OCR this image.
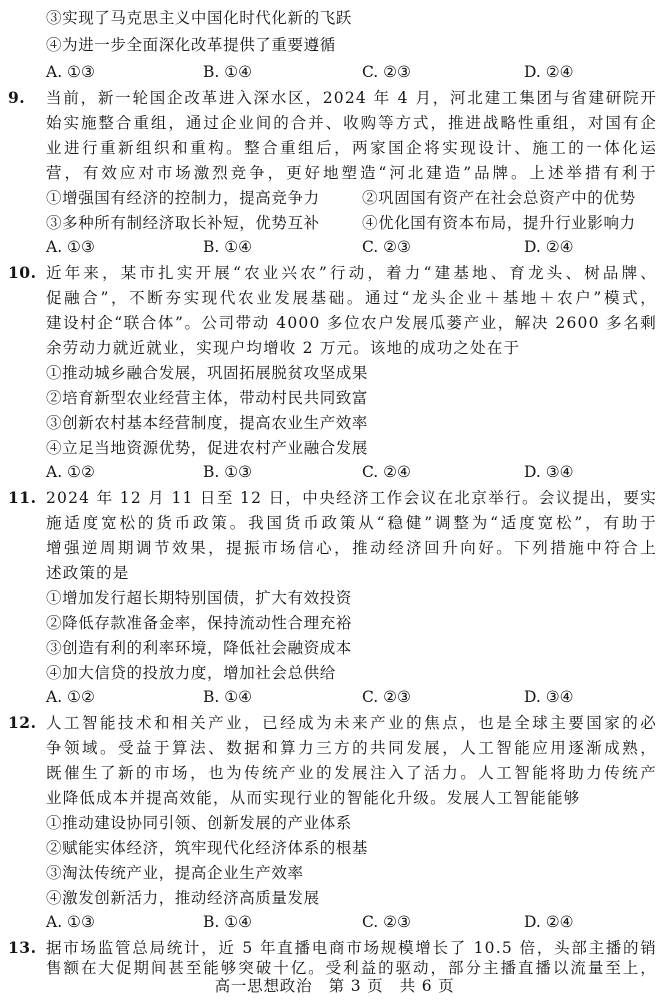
③实现了马克思主义中国化时代化新的飞跃
④为进一步全面深化改革提供了重要遵循
A. ①③	B. ①④	C. ②③	D. ②④
9. 当前，新一轮国企改革进入深水区，2024 年 4 月，河北建工集团与省建研院开
始实施整合重组，通过企业间的合并、收购等方式，推进战略性重组，对国有企
业进行重新组织和重构。整合重组后，两家国企将实现设计、施工的一体化运
营，有效应对市场激烈竞争，更好地塑造“河北建造”品牌。上述举措有利于
①增强国有经济的控制力，提高竞争力	②巩固国有资产在社会总资产中的优势
③多种所有制经济取长补短，优势互补	④优化国有资本布局，提升行业影响力
A. ①③	B. ①④	C. ②③	D. ②④
10. 近年来，某市扎实开展“农业兴农”行动，着力“建基地、育龙头、树品牌、
促融合”，不断夯实现代农业发展基础。通过“龙头企业＋基地＋农户”模式，
建设村企“联合体”。公司带动 4000 多位农户发展瓜蒌产业，解决 2600 多名剩
余劳动力就近就业，实现户均增收 2 万元。该地的成功之处在于
①推动城乡融合发展，巩固拓展脱贫攻坚成果
②培育新型农业经营主体，带动村民共同致富
③创新农村基本经营制度，提高农业生产效率
④立足当地资源优势，促进农村产业融合发展
A. ①②	B. ①③	C. ②④	D. ③④
11. 2024 年 12 月 11 日至 12 日，中央经济工作会议在北京举行。会议提出，要实
施适度宽松的货币政策。我国货币政策从“稳健”调整为“适度宽松”，有助于
增强逆周期调节效果，提振市场信心，推动经济回升向好。下列措施中符合上
述政策的是
①增加发行超长期特别国债，扩大有效投资
②降低存款准备金率，保持流动性合理充裕
③创造有利的利率环境，降低社会融资成本
④加大信贷的投放力度，增加社会总供给
A. ①②	B. ①④	C. ②③	D. ③④
12. 人工智能技术和相关产业，已经成为未来产业的焦点，也是全球主要国家的必
争领域。受益于算法、数据和算力三方的共同发展，人工智能应用逐渐成熟，
既催生了新的市场，也为传统产业的发展注入了活力。人工智能将助力传统产
业降低成本并提高效能，从而实现行业的智能化升级。发展人工智能能够
①推动建设协同引领、创新发展的产业体系
②赋能实体经济，筑牢现代化经济体系的根基
③淘汰传统产业，提高企业生产效率
④激发创新活力，推动经济高质量发展
A. ①③	B. ①④	C. ②③	D. ②④
13. 据市场监管总局统计，近 5 年直播电商市场规模增长了 10.5 倍，头部主播的销
售额在大促期间甚至能够突破十亿。受利益的驱动，部分主播直播以流量至上，
高一思想政治　第 3 页　共 6 页
